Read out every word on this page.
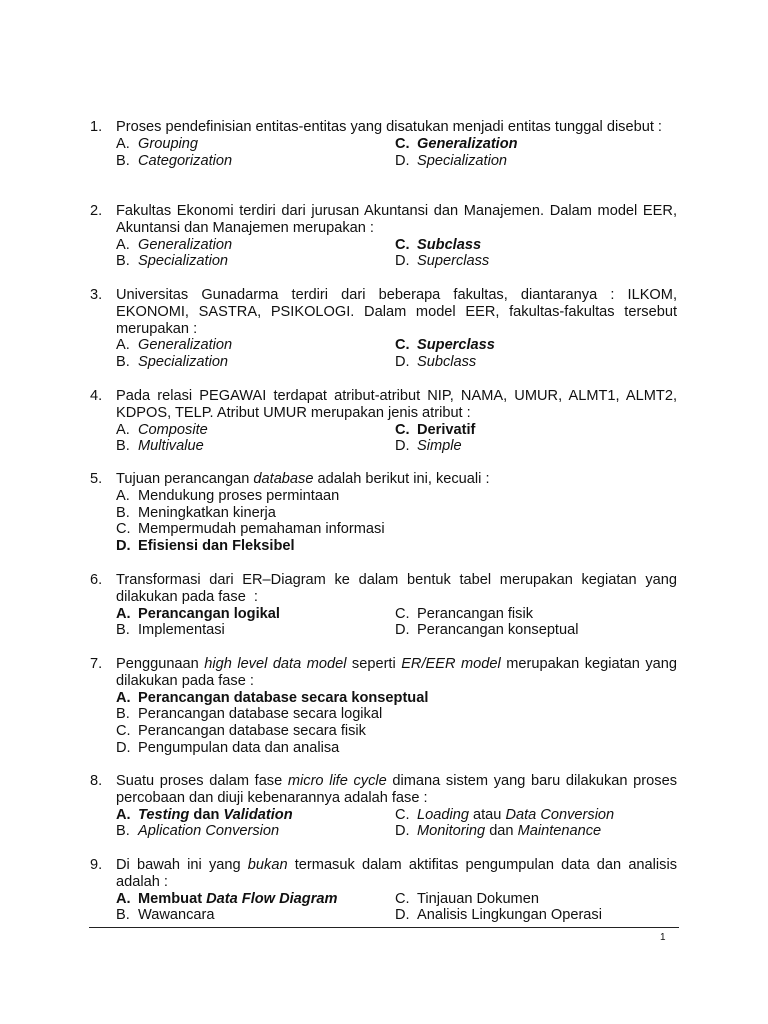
1. Proses pendefinisian entitas-entitas yang disatukan menjadi entitas tunggal disebut :
A. Grouping	C. Generalization
B. Categorization	D. Specialization
2. Fakultas Ekonomi terdiri dari jurusan Akuntansi dan Manajemen. Dalam model EER, Akuntansi dan Manajemen merupakan :
A. Generalization	C. Subclass
B. Specialization	D. Superclass
3. Universitas Gunadarma terdiri dari beberapa fakultas, diantaranya : ILKOM, EKONOMI, SASTRA, PSIKOLOGI. Dalam model EER, fakultas-fakultas tersebut merupakan :
A. Generalization	C. Superclass
B. Specialization	D. Subclass
4. Pada relasi PEGAWAI terdapat atribut-atribut NIP, NAMA, UMUR, ALMT1, ALMT2, KDPOS, TELP. Atribut UMUR merupakan jenis atribut :
A. Composite	C. Derivatif
B. Multivalue	D. Simple
5. Tujuan perancangan database adalah berikut ini, kecuali :
A. Mendukung proses permintaan
B. Meningkatkan kinerja
C. Mempermudah pemahaman informasi
D. Efisiensi dan Fleksibel
6. Transformasi dari ER–Diagram ke dalam bentuk tabel merupakan kegiatan yang dilakukan pada fase  :
A. Perancangan logikal	C. Perancangan fisik
B. Implementasi	D. Perancangan konseptual
7. Penggunaan high level data model seperti ER/EER model merupakan kegiatan yang dilakukan pada fase :
A. Perancangan database secara konseptual
B. Perancangan database secara logikal
C. Perancangan database secara fisik
D. Pengumpulan data dan analisa
8. Suatu proses dalam fase micro life cycle dimana sistem yang baru dilakukan proses percobaan dan diuji kebenarannya adalah fase :
A. Testing dan Validation	C. Loading atau Data Conversion
B. Aplication Conversion	D. Monitoring dan Maintenance
9. Di bawah ini yang bukan termasuk dalam aktifitas pengumpulan data dan analisis adalah :
A. Membuat Data Flow Diagram	C. Tinjauan Dokumen
B. Wawancara	D. Analisis Lingkungan Operasi
1
